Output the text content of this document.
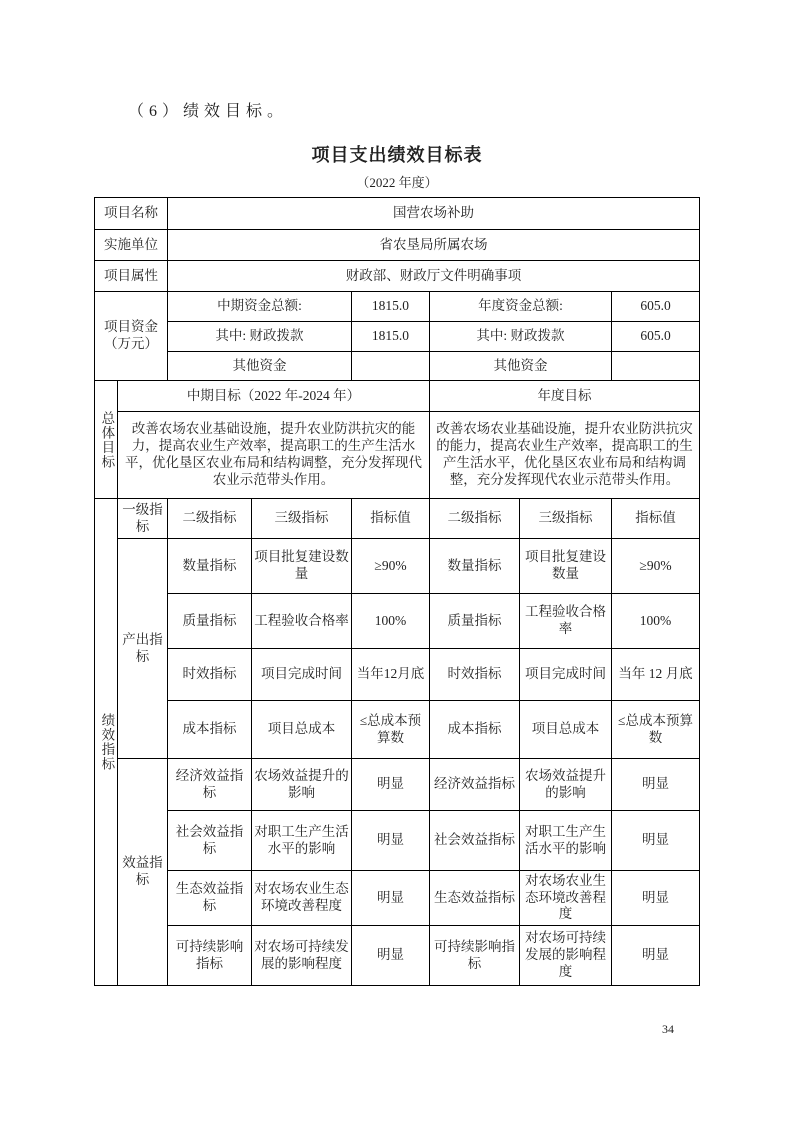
（6）绩效目标。
项目支出绩效目标表
（2022 年度）
项目名称		国营农场补助					
实施单位		省农垦局所属农场					
项目属性		财政部、财政厅文件明确事项					
项目资金（万元）		中期资金总额:		1815.0	年度资金总额:		605.0
		其中: 财政拨款		1815.0	其中: 财政拨款		605.0
		其他资金			其他资金		
总体目标	中期目标（2022 年-2024 年）				年度目标		
	改善农场农业基础设施，提升农业防洪抗灾的能力，提高农业生产效率，提高职工的生产生活水平，优化垦区农业布局和结构调整，充分发挥现代农业示范带头作用。				改善农场农业基础设施，提升农业防洪抗灾的能力，提高农业生产效率，提高职工的生产生活水平，优化垦区农业布局和结构调整，充分发挥现代农业示范带头作用。		
绩效指标	一级指标	二级指标	三级指标	指标值	二级指标	三级指标	指标值
	产出指标	数量指标	项目批复建设数量	≥90%	数量指标	项目批复建设数量	≥90%
		质量指标	工程验收合格率	100%	质量指标	工程验收合格率	100%
		时效指标	项目完成时间	当年12月底	时效指标	项目完成时间	当年 12 月底
		成本指标	项目总成本	≤总成本预算数	成本指标	项目总成本	≤总成本预算数
	效益指标	经济效益指标	农场效益提升的影响	明显	经济效益指标	农场效益提升的影响	明显
		社会效益指标	对职工生产生活水平的影响	明显	社会效益指标	对职工生产生活水平的影响	明显
		生态效益指标	对农场农业生态环境改善程度	明显	生态效益指标	对农场农业生态环境改善程度	明显
		可持续影响指标	对农场可持续发展的影响程度	明显	可持续影响指标	对农场可持续发展的影响程度	明显
34
